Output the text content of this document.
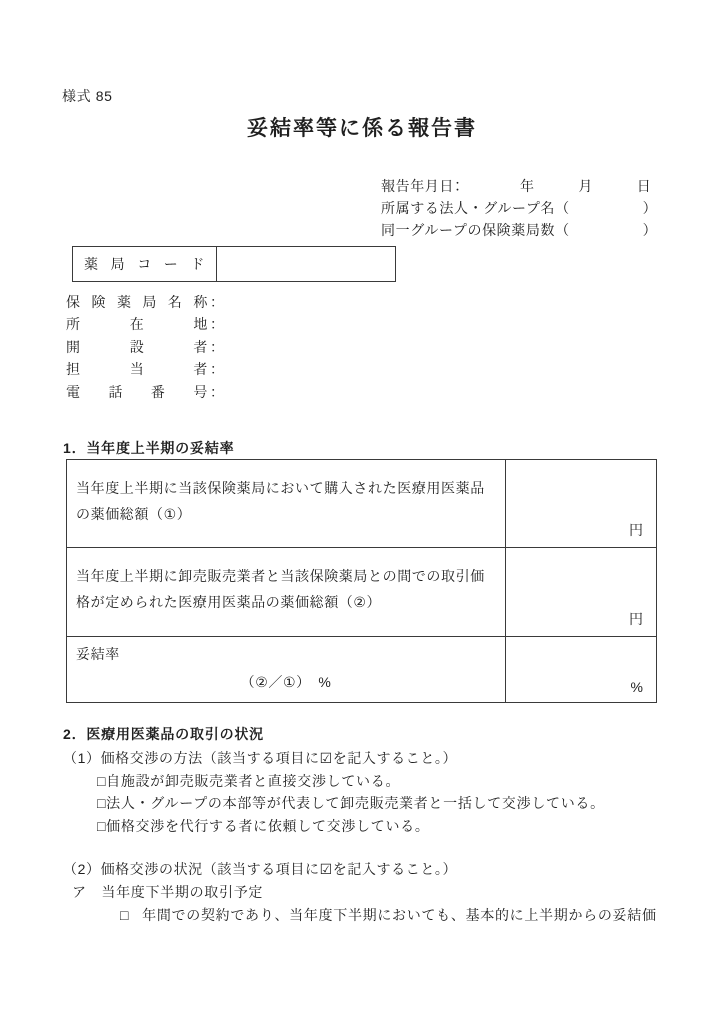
様式 85
妥結率等に係る報告書
報告年月日：　　　　年　　　月　　　日
所属する法人・グループ名（　　　　　）
同一グループの保険薬局数（　　　　　）
薬局コード
保険薬局名称 ：
所在地 ：
開設者 ：
担当者 ：
電話番号 ：
1．当年度上半期の妥結率
当年度上半期に当該保険薬局において購入された医療用医薬品の薬価総額（①）
円
当年度上半期に卸売販売業者と当該保険薬局との間での取引価格が定められた医療用医薬品の薬価総額（②）
円
妥結率
（②／①）　%	%
2．医療用医薬品の取引の状況
（1）価格交渉の方法（該当する項目に☑を記入すること。）
□ 自施設が卸売販売業者と直接交渉している。
□ 法人・グループの本部等が代表して卸売販売業者と一括して交渉している。
□ 価格交渉を代行する者に依頼して交渉している。
（2）価格交渉の状況（該当する項目に☑を記入すること。）
ア　当年度下半期の取引予定
□ 年間での契約であり、当年度下半期においても、基本的に上半期からの妥結価
